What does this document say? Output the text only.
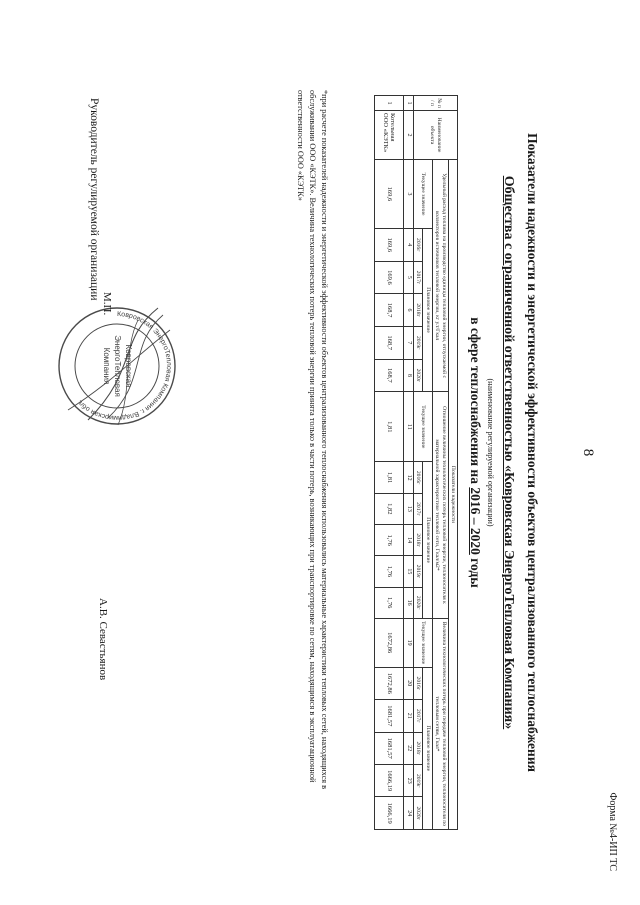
Форма №4-ИП ТС
8
Показатели надежности и энергетической эффективности объектов централизованного теплоснабжения
Общества с ограниченной ответственностью «Ковровская ЭнергоТепловая Компания»
(наименование регулируемой организации)
в сфере теплоснабжения на 2016 – 2020 годы
№ п / п	Наименование объекта	Показатели надежности																	
		Удельный расход топлива на производство единицы тепловой энергии, отпускаемой с коллекторов источников тепловой энергии, кг у.т/Гкал						Отношение величины технологических потерь тепловой энергии, теплоносителя к материальной характеристике тепловой сети, Гкал/м2*						Величина технологических потерь при передаче тепловой энергии, теплоносителя по тепловым сетям, Гкал*					
		Текущее значение	Плановое значение					Текущее значение	Плановое значение					Текущее значение	Плановое значение				
			2016г	2017г	2018г	2019г	2020г		2016г	2017г	2018г	2019г	2020г		2016г	2017г	2018г	2019г	2020г
1	2	3	4	5	6	7	8	11	12	13	14	15	16	19	20	21	22	23	24
1	Котельная ООО «КЭТК»	169,6	169,6	169,6	168,7	168,7	168,7	1,81	1,81	1,82	1,76	1,76	1,76	1672,86	1672,86	1681,57	1681,57	1666,19	1666,19
*при расчете показателей надежности и энергетической эффективности объектов централизованного теплоснабжения использовались материальные характеристики тепловых сетей, находящихся в обслуживании ООО «КЭТК». Величина технологических потерь тепловой энергии принята только в части потерь, возникающих при транспортировке по сетям, находящимся в эксплуатационной ответственности ООО «КЭТК»
Руководитель регулируемой организации
Ковровская ЭнергоТепловая Компания г. Владимирская обл.
Ковровская
ЭнергоТепловая
Компания
М.П.
А.В. Севастьянов
